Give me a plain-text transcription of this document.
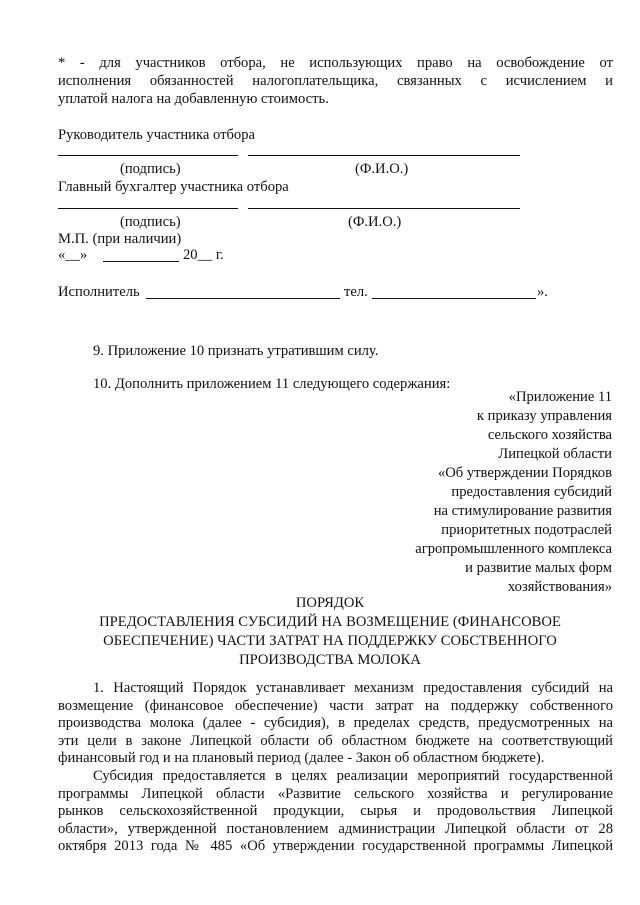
* - для участников отбора, не использующих право на освобождение от
исполнения обязанностей налогоплательщика, связанных с исчислением и
уплатой налога на добавленную стоимость.
Руководитель участника отбора
(подпись)	(Ф.И.О.)
Главный бухгалтер участника отбора
(подпись)	(Ф.И.О.)
М.П. (при наличии)
«__»	20__ г.
Исполнитель	тел.	».
9. Приложение 10 признать утратившим силу.
10. Дополнить приложением 11 следующего содержания:
«Приложение 11
к приказу управления
сельского хозяйства
Липецкой области
«Об утверждении Порядков
предоставления субсидий
на стимулирование развития
приоритетных подотраслей
агропромышленного комплекса
и развитие малых форм
хозяйствования»
ПОРЯДОК
ПРЕДОСТАВЛЕНИЯ СУБСИДИЙ НА ВОЗМЕЩЕНИЕ (ФИНАНСОВОЕ
ОБЕСПЕЧЕНИЕ) ЧАСТИ ЗАТРАТ НА ПОДДЕРЖКУ СОБСТВЕННОГО
ПРОИЗВОДСТВА МОЛОКА
1. Настоящий Порядок устанавливает механизм предоставления субсидий на
возмещение (финансовое обеспечение) части затрат на поддержку собственного
производства молока (далее - субсидия), в пределах средств, предусмотренных на
эти цели в законе Липецкой области об областном бюджете на соответствующий
финансовый год и на плановый период (далее - Закон об областном бюджете).
Субсидия предоставляется в целях реализации мероприятий государственной
программы Липецкой области «Развитие сельского хозяйства и регулирование
рынков сельскохозяйственной продукции, сырья и продовольствия Липецкой
области», утвержденной постановлением администрации Липецкой области от 28
октября 2013 года № 485 «Об утверждении государственной программы Липецкой
